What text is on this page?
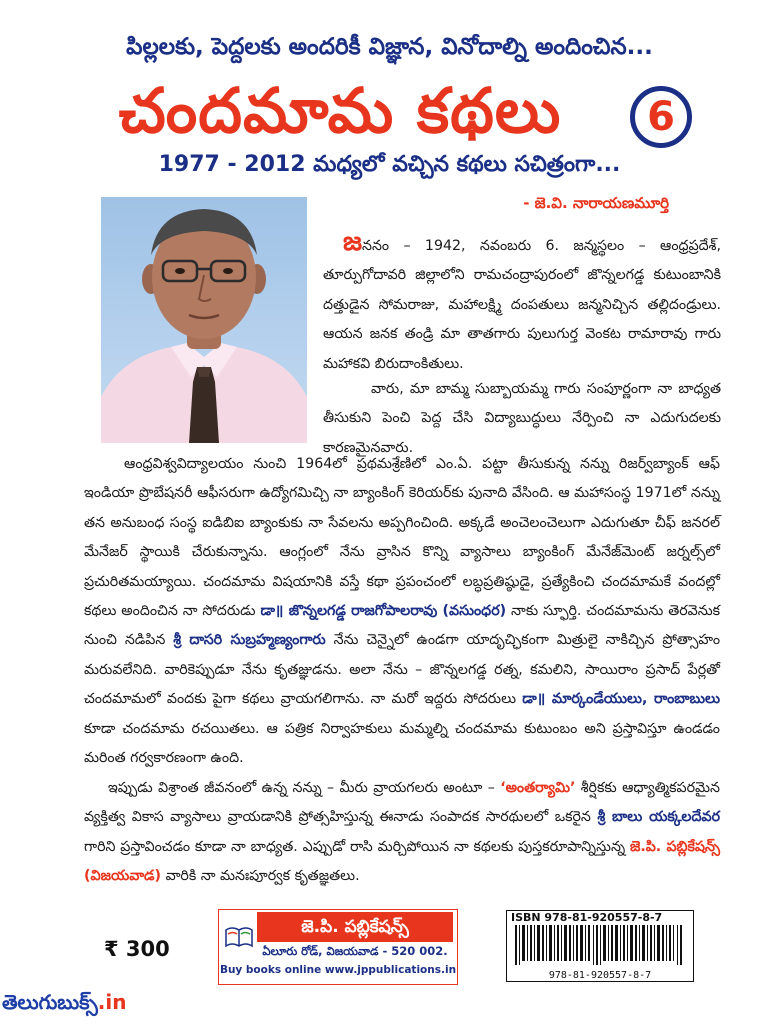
పిల్లలకు, పెద్దలకు అందరికీ విజ్ఞాన, వినోదాల్ని అందించిన...
చందమామ కథలు	6
1977 - 2012 మధ్యలో వచ్చిన కథలు సచిత్రంగా...
- జె.వి. నారాయణమూర్తి

జననం – 1942, నవంబరు 6. జన్మస్థలం – ఆంధ్రప్రదేశ్, తూర్పుగోదావరి జిల్లాలోని రామచంద్రాపురంలో జొన్నలగడ్డ కుటుంబానికి దత్తుడైన సోమరాజు, మహాలక్ష్మి దంపతులు జన్మనిచ్చిన తల్లిదండ్రులు. ఆయన జనక తండ్రి మా తాతగారు పులుగుర్త వెంకట రామారావు గారు మహాకవి బిరుదాంకితులు.

వారు, మా బామ్మ సుబ్బాయమ్మ గారు సంపూర్ణంగా నా బాధ్యత తీసుకుని పెంచి పెద్ద చేసి విద్యాబుద్ధులు నేర్పించి నా ఎదుగుదలకు కారణమైనవారు.

ఆంధ్రవిశ్వవిద్యాలయం నుంచి 1964లో ప్రథమశ్రేణిలో ఎం.ఏ. పట్టా తీసుకున్న నన్ను రిజర్వ్‌బ్యాంక్ ఆఫ్ ఇండియా ప్రొబేషనరీ ఆఫీసరుగా ఉద్యోగమిచ్చి నా బ్యాంకింగ్ కెరియర్‌కు పునాది వేసింది. ఆ మహాసంస్థ 1971లో నన్ను తన అనుబంధ సంస్థ ఐడిబిఐ బ్యాంకుకు నా సేవలను అప్పగించింది. అక్కడే అంచెలంచెలుగా ఎదుగుతూ చీఫ్ జనరల్ మేనేజర్ స్థాయికి చేరుకున్నాను. ఆంగ్లంలో నేను వ్రాసిన కొన్ని వ్యాసాలు బ్యాంకింగ్ మేనేజ్‌మెంట్ జర్నల్స్‌లో ప్రచురితమయ్యాయి. చందమామ విషయానికి వస్తే కథా ప్రపంచంలో లబ్ధప్రతిష్ఠుడై, ప్రత్యేకించి చందమామకే వందల్లో కథలు అందించిన నా సోదరుడు డా॥ జొన్నలగడ్డ రాజగోపాలరావు (వసుంధర) నాకు స్ఫూర్తి. చందమామను తెరవెనుక నుంచి నడిపిన శ్రీ దాసరి సుబ్రహ్మణ్యంగారు నేను చెన్నైలో ఉండగా యాదృచ్ఛికంగా మిత్రులై నాకిచ్చిన ప్రోత్సాహం మరువలేనిది. వారికెప్పుడూ నేను కృతజ్ఞుడను. అలా నేను – జొన్నలగడ్డ రత్న, కమలిని, సాయిరాం ప్రసాద్ పేర్లతో చందమామలో వందకు పైగా కథలు వ్రాయగలిగాను. నా మరో ఇద్దరు సోదరులు డా॥ మార్కండేయులు, రాంబాబులు కూడా చందమామ రచయితలు. ఆ పత్రిక నిర్వాహకులు మమ్మల్ని చందమామ కుటుంబం అని ప్రస్తావిస్తూ ఉండడం మరింత గర్వకారణంగా ఉంది.

ఇప్పుడు విశ్రాంత జీవనంలో ఉన్న నన్ను – మీరు వ్రాయగలరు అంటూ – ‘అంతర్యామి’ శీర్షికకు ఆధ్యాత్మికపరమైన వ్యక్తిత్వ వికాస వ్యాసాలు వ్రాయడానికి ప్రోత్సహిస్తున్న ఈనాడు సంపాదక సారథులలో ఒకరైన శ్రీ బాలు యక్కలదేవర గారిని ప్రస్తావించడం కూడా నా బాధ్యత. ఎప్పుడో రాసి మర్చిపోయిన నా కథలకు పుస్తకరూపాన్నిస్తున్న జె.పి. పబ్లికేషన్స్ (విజయవాడ) వారికి నా మనఃపూర్వక కృతజ్ఞతలు.

₹ 300
జె.పి. పబ్లికేషన్స్
ఏలూరు రోడ్, విజయవాడ - 520 002.
Buy books online www.jppublications.in
ISBN 978-81-920557-8-7
978-81-920557-8-7
తెలుగుబుక్స్.in
